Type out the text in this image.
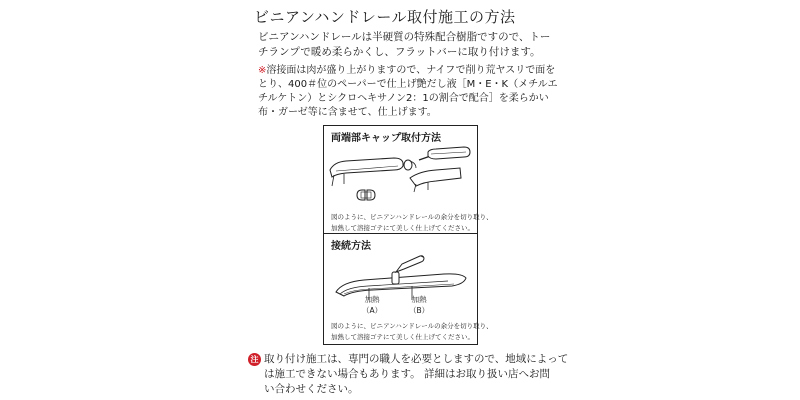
ビニアンハンドレール取付施工の方法

ビニアンハンドレールは半硬質の特殊配合樹脂ですので、トー

チランプで暖め柔らかくし、フラットバーに取り付けます。

※溶接面は肉が盛り上がりますので、ナイフで削り荒ヤスリで面を

とり、400＃位のペーパーで仕上げ艶だし液［M・E・K（メチルエ

チルケトン）とシクロヘキサノン2：1の割合で配合］を柔らかい

布・ガーゼ等に含ませて、仕上げます。

両端部キャップ取付方法

図のように、ビニアンハンドレールの余分を切り取り、

加熱して溶接ゴテにて美しく仕上げてください。

接続方法
加熱
（A）
加熱
（B）

図のように、ビニアンハンドレールの余分を切り取り、

加熱して溶接ゴテにて美しく仕上げてください。

注 取り付け施工は、専門の職人を必要としますので、地域によって

は施工できない場合もあります。 詳細はお取り扱い店へお問

い合わせください。
